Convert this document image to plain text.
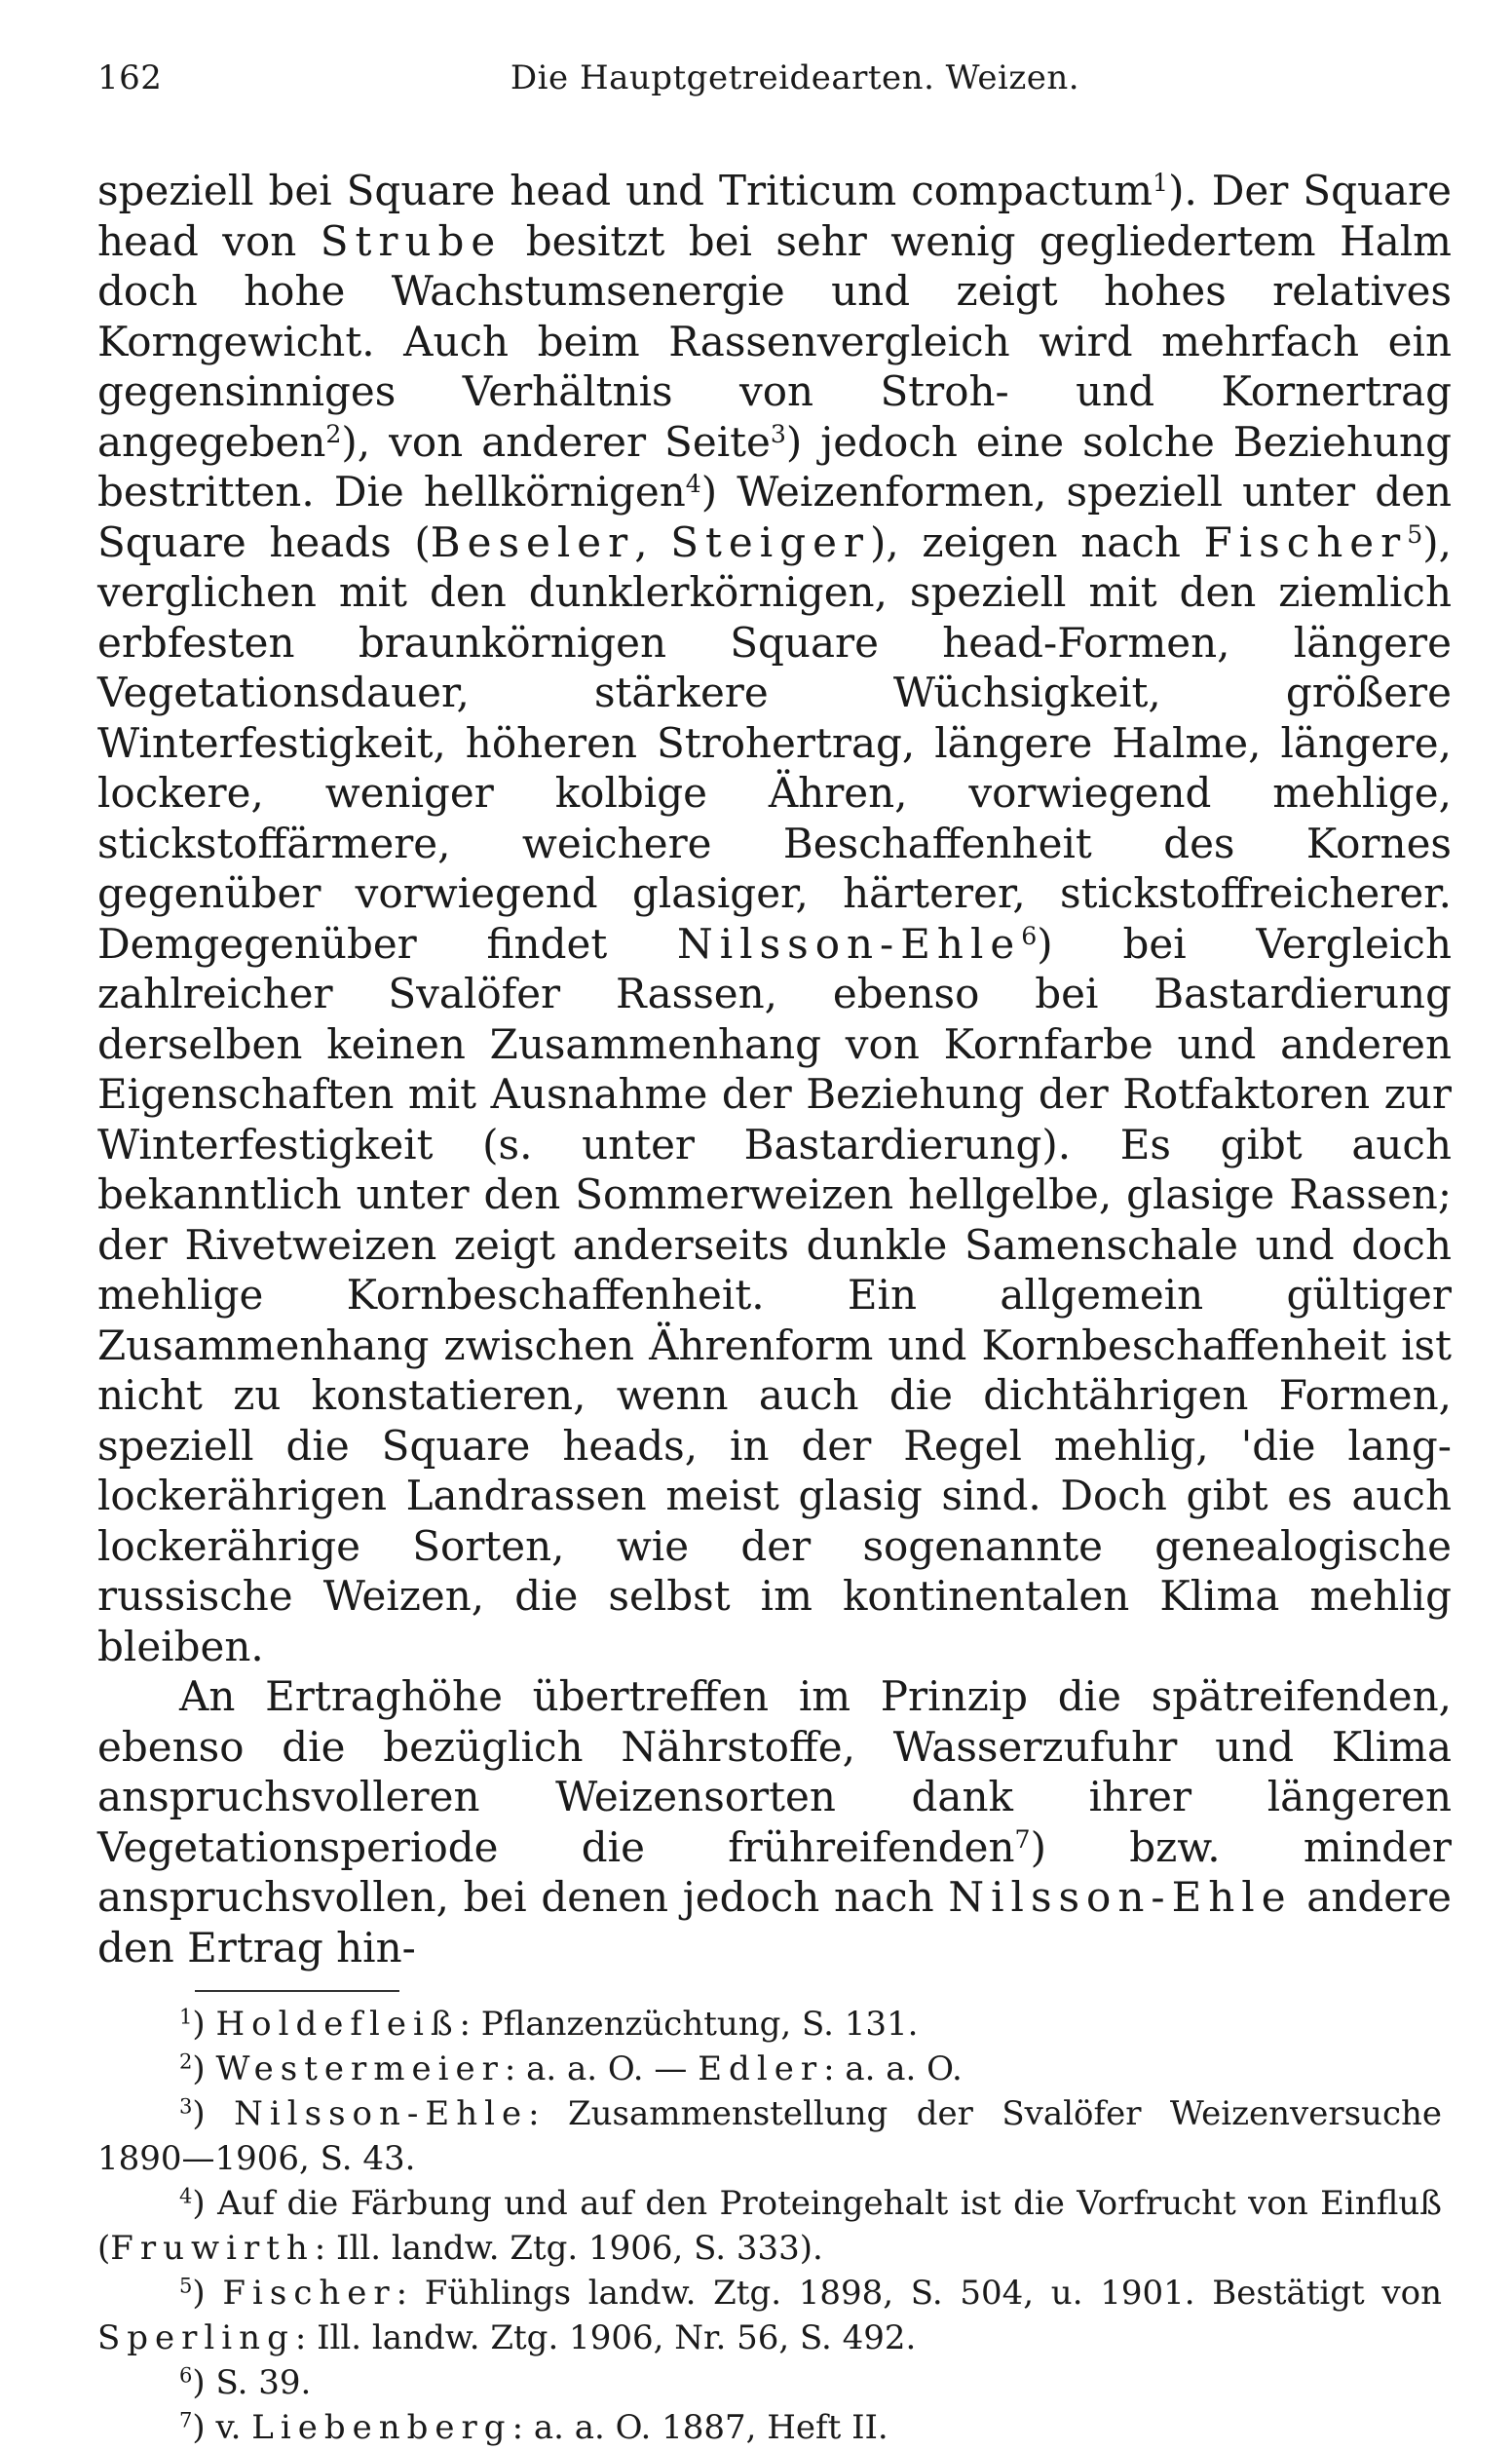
162	Die Hauptgetreidearten. Weizen.

speziell bei Square head und Triticum compactum$^1$). Der Square head von Strube besitzt bei sehr wenig gegliedertem Halm doch hohe Wachstumsenergie und zeigt hohes relatives Korngewicht. Auch beim Rassenvergleich wird mehrfach ein gegensinniges Verhältnis von Stroh- und Kornertrag angegeben$^2$), von anderer Seite$^3$) jedoch eine solche Beziehung bestritten. Die hellkörnigen$^4$) Weizenformen, speziell unter den Square heads (Beseler, Steiger), zeigen nach Fischer$^5$), verglichen mit den dunklerkörnigen, speziell mit den ziemlich erbfesten braunkörnigen Square head-Formen, längere Vegetationsdauer, stärkere Wüchsigkeit, größere Winterfestigkeit, höheren Strohertrag, längere Halme, längere, lockere, weniger kolbige Ähren, vorwiegend mehlige, stickstoffärmere, weichere Beschaffenheit des Kornes gegenüber vorwiegend glasiger, härterer, stickstoffreicherer. Demgegenüber findet Nilsson-Ehle$^6$) bei Vergleich zahlreicher Svalöfer Rassen, ebenso bei Bastardierung derselben keinen Zusammenhang von Kornfarbe und anderen Eigenschaften mit Ausnahme der Beziehung der Rotfaktoren zur Winterfestigkeit (s. unter Bastardierung). Es gibt auch bekanntlich unter den Sommerweizen hellgelbe, glasige Rassen; der Rivetweizen zeigt anderseits dunkle Samenschale und doch mehlige Kornbeschaffenheit. Ein allgemein gültiger Zusammenhang zwischen Ährenform und Kornbeschaffenheit ist nicht zu konstatieren, wenn auch die dichtährigen Formen, speziell die Square heads, in der Regel mehlig, 'die lang-lockerährigen Landrassen meist glasig sind. Doch gibt es auch lockerährige Sorten, wie der sogenannte genealogische russische Weizen, die selbst im kontinentalen Klima mehlig bleiben.

An Ertraghöhe übertreffen im Prinzip die spätreifenden, ebenso die bezüglich Nährstoffe, Wasserzufuhr und Klima anspruchsvolleren Weizensorten dank ihrer längeren Vegetationsperiode die frühreifenden$^7$) bzw. minder anspruchsvollen, bei denen jedoch nach Nilsson-Ehle andere den Ertrag hin-

$^1$) Holdefleiß: Pflanzenzüchtung, S. 131.

$^2$) Westermeier: a. a. O. — Edler: a. a. O.

$^3$) Nilsson-Ehle: Zusammenstellung der Svalöfer Weizenversuche 1890—1906, S. 43.

$^4$) Auf die Färbung und auf den Proteingehalt ist die Vorfrucht von Einfluß (Fruwirth: Ill. landw. Ztg. 1906, S. 333).

$^5$) Fischer: Fühlings landw. Ztg. 1898, S. 504, u. 1901. Bestätigt von Sperling: Ill. landw. Ztg. 1906, Nr. 56, S. 492.

$^6$) S. 39.

$^7$) v. Liebenberg: a. a. O. 1887, Heft II.
